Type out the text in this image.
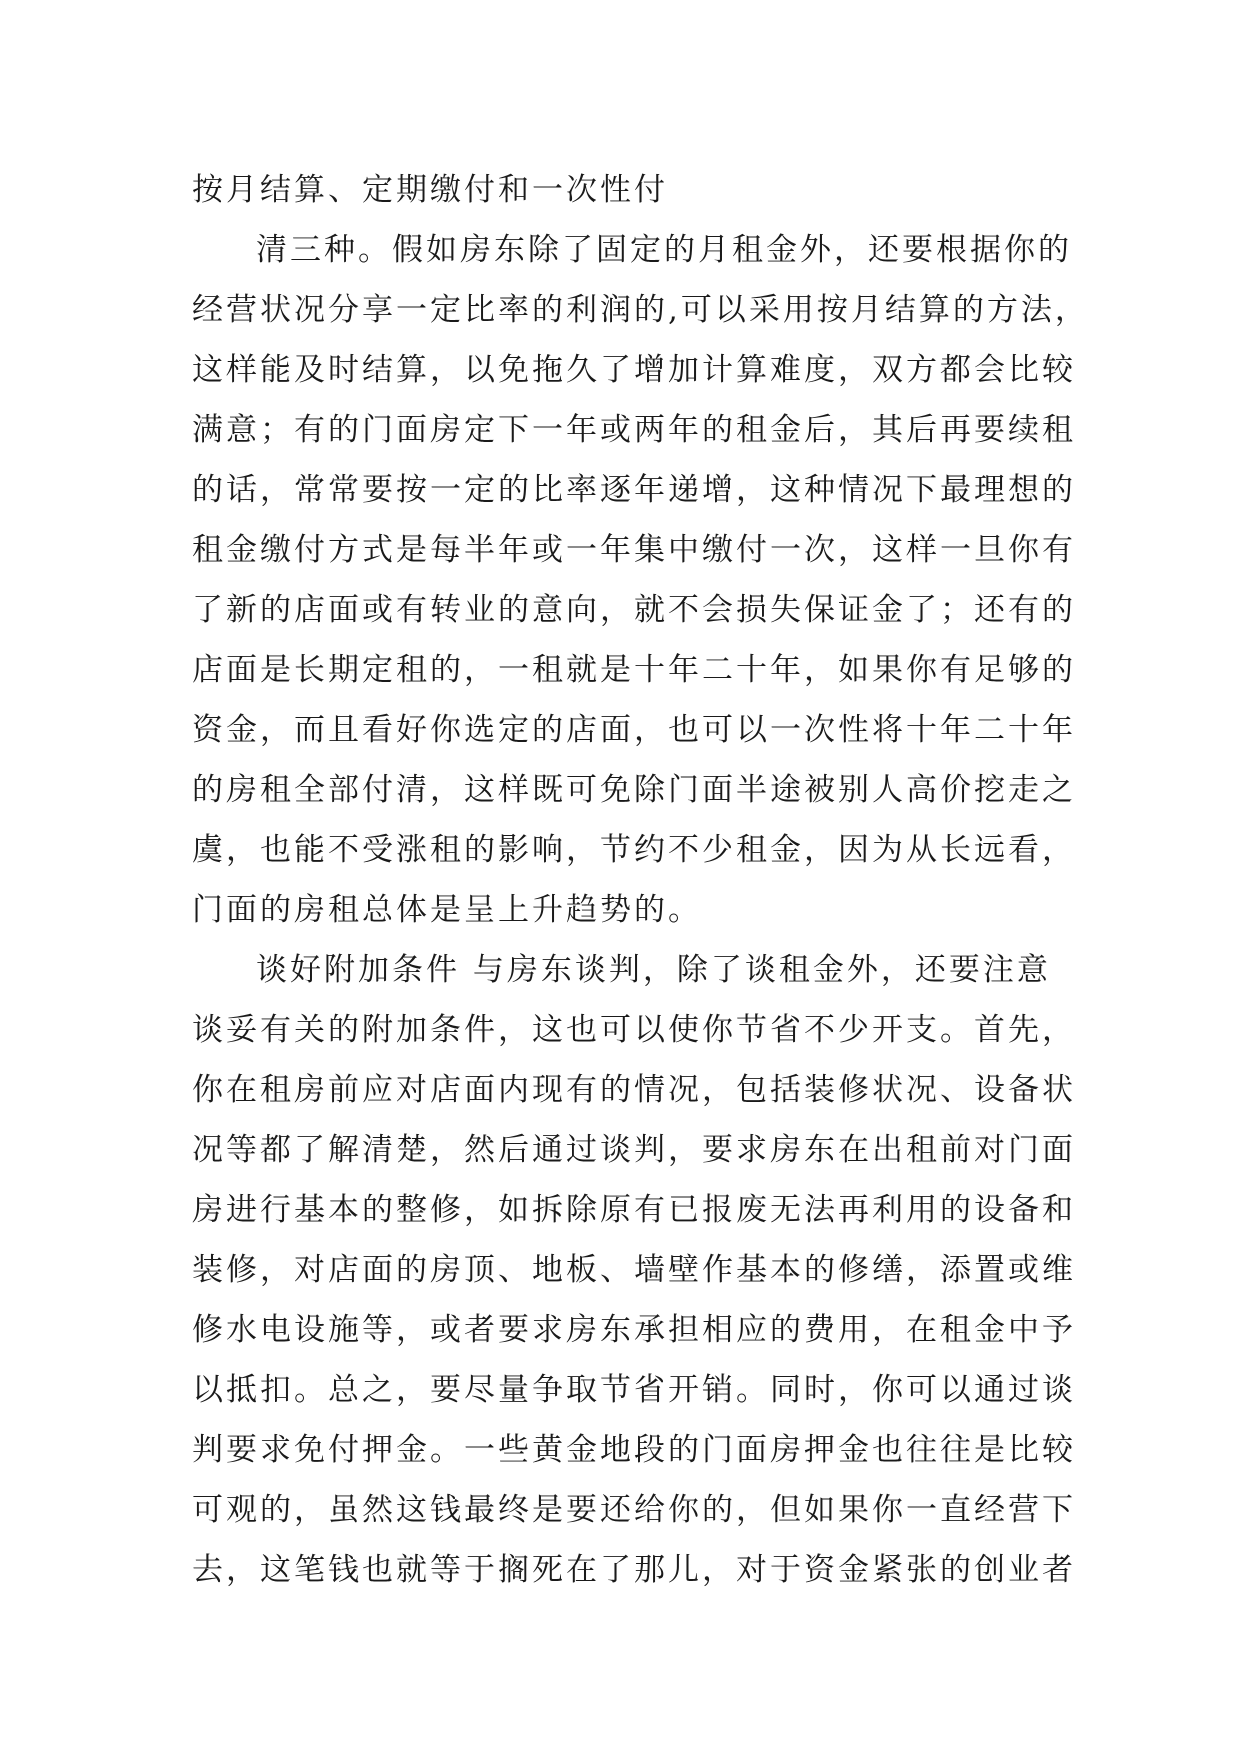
按月结算、定期缴付和一次性付
清三种。假如房东除了固定的月租金外，还要根据你的
经营状况分享一定比率的利润的,可以采用按月结算的方法，
这样能及时结算，以免拖久了增加计算难度，双方都会比较
满意；有的门面房定下一年或两年的租金后，其后再要续租
的话，常常要按一定的比率逐年递增，这种情况下最理想的
租金缴付方式是每半年或一年集中缴付一次，这样一旦你有
了新的店面或有转业的意向，就不会损失保证金了；还有的
店面是长期定租的，一租就是十年二十年，如果你有足够的
资金，而且看好你选定的店面，也可以一次性将十年二十年
的房租全部付清，这样既可免除门面半途被别人高价挖走之
虞，也能不受涨租的影响，节约不少租金，因为从长远看，
门面的房租总体是呈上升趋势的。
谈好附加条件 与房东谈判，除了谈租金外，还要注意
谈妥有关的附加条件，这也可以使你节省不少开支。首先，
你在租房前应对店面内现有的情况，包括装修状况、设备状
况等都了解清楚，然后通过谈判，要求房东在出租前对门面
房进行基本的整修，如拆除原有已报废无法再利用的设备和
装修，对店面的房顶、地板、墙壁作基本的修缮，添置或维
修水电设施等，或者要求房东承担相应的费用，在租金中予
以抵扣。总之，要尽量争取节省开销。同时，你可以通过谈
判要求免付押金。一些黄金地段的门面房押金也往往是比较
可观的，虽然这钱最终是要还给你的，但如果你一直经营下
去，这笔钱也就等于搁死在了那儿，对于资金紧张的创业者
